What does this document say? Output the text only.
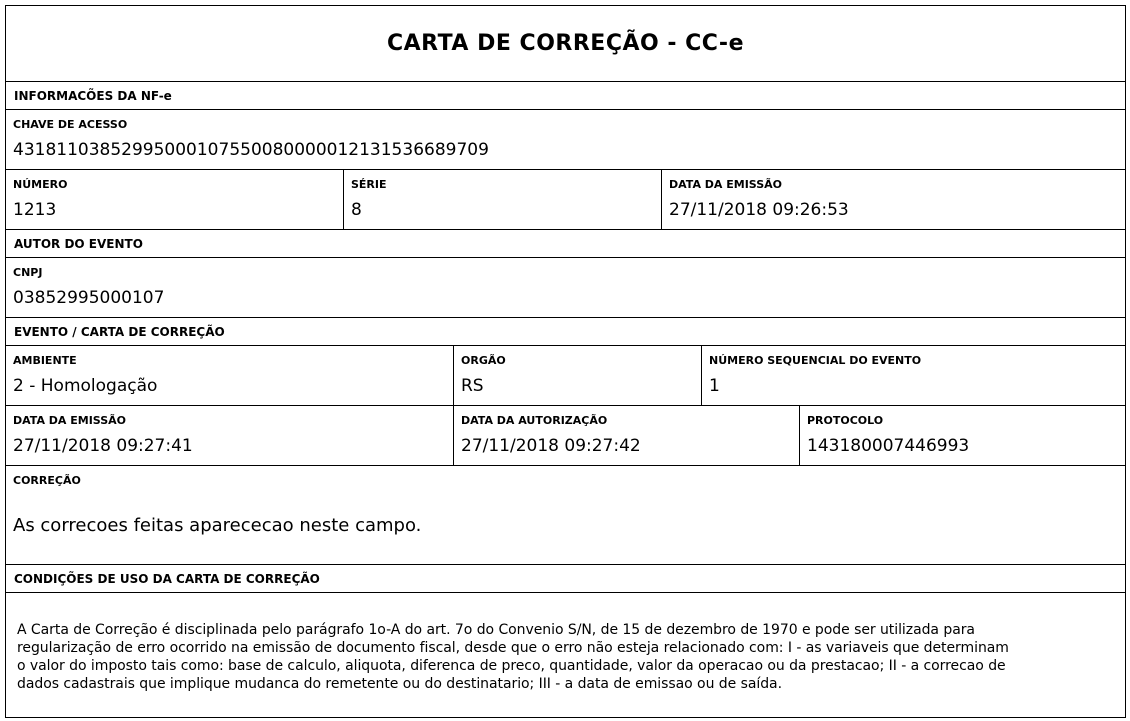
CARTA DE CORREÇÃO - CC-e
INFORMACÕES DA NF-e
CHAVE DE ACESSO
43181103852995000107550080000012131536689709
NÚMERO
1213
SÉRIE
8
DATA DA EMISSÃO
27/11/2018 09:26:53
AUTOR DO EVENTO
CNPJ
03852995000107
EVENTO / CARTA DE CORREÇÃO
AMBIENTE
2 - Homologação
ORGÃO
RS
NÚMERO SEQUENCIAL DO EVENTO
1
DATA DA EMISSÃO
27/11/2018 09:27:41
DATA DA AUTORIZAÇÃO
27/11/2018 09:27:42
PROTOCOLO
143180007446993
CORREÇÃO
As correcoes feitas aparececao neste campo.
CONDIÇÕES DE USO DA CARTA DE CORREÇÃO
A Carta de Correção é disciplinada pelo parágrafo 1o-A do art. 7o do Convenio S/N, de 15 de dezembro de 1970 e pode ser utilizada para
regularização de erro ocorrido na emissão de documento fiscal, desde que o erro não esteja relacionado com: I - as variaveis que determinam
o valor do imposto tais como: base de calculo, aliquota, diferenca de preco, quantidade, valor da operacao ou da prestacao; II - a correcao de
dados cadastrais que implique mudanca do remetente ou do destinatario; III - a data de emissao ou de saída.
